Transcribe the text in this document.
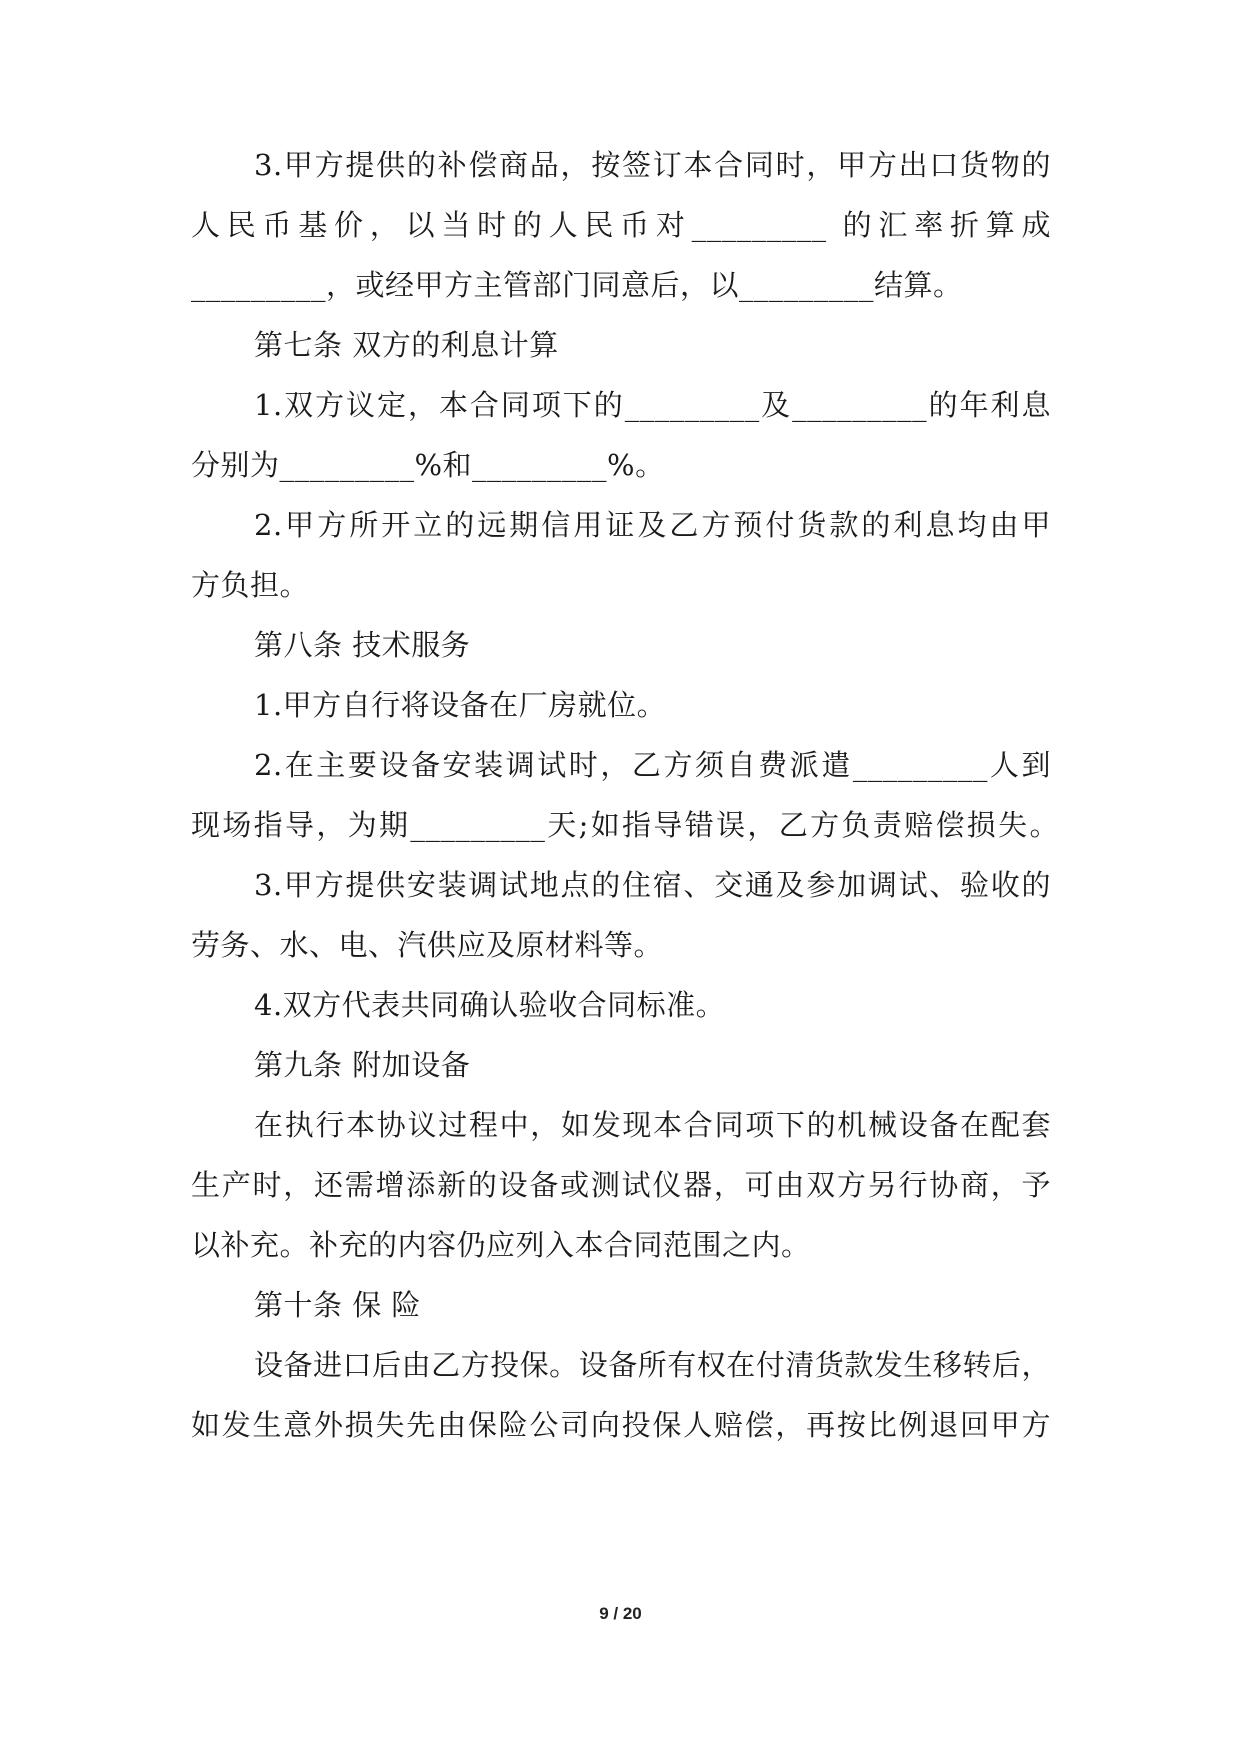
3.甲方提供的补偿商品，按签订本合同时，甲方出口货物的
人民币基价，以当时的人民币对_________ 的汇率折算成
_________，或经甲方主管部门同意后，以_________结算。
第七条 双方的利息计算
1.双方议定，本合同项下的_________及_________的年利息
分别为_________%和_________%。
2.甲方所开立的远期信用证及乙方预付货款的利息均由甲
方负担。
第八条 技术服务
1.甲方自行将设备在厂房就位。
2.在主要设备安装调试时，乙方须自费派遣_________人到
现场指导，为期_________天;如指导错误，乙方负责赔偿损失。
3.甲方提供安装调试地点的住宿、交通及参加调试、验收的
劳务、水、电、汽供应及原材料等。
4.双方代表共同确认验收合同标准。
第九条 附加设备
在执行本协议过程中，如发现本合同项下的机械设备在配套
生产时，还需增添新的设备或测试仪器，可由双方另行协商，予
以补充。补充的内容仍应列入本合同范围之内。
第十条 保 险
设备进口后由乙方投保。设备所有权在付清货款发生移转后，
如发生意外损失先由保险公司向投保人赔偿，再按比例退回甲方
9 / 20
